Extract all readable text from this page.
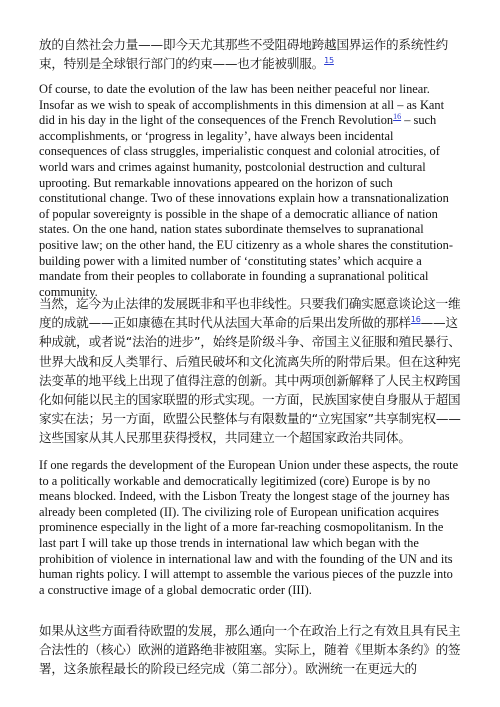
放的自然社会力量——即今天尤其那些不受阻碍地跨越国界运作的系统性约束，特别是全球银行部门的约束——也才能被驯服。$^{15}$

Of course, to date the evolution of the law has been neither peaceful nor linear. Insofar as we wish to speak of accomplishments in this dimension at all – as Kant did in his day in the light of the consequences of the French Revolution$^{16}$ – such accomplishments, or ‘progress in legality’, have always been incidental consequences of class struggles, imperialistic conquest and colonial atrocities, of world wars and crimes against humanity, postcolonial destruction and cultural uprooting. But remarkable innovations appeared on the horizon of such constitutional change. Two of these innovations explain how a transnationalization of popular sovereignty is possible in the shape of a democratic alliance of nation states. On the one hand, nation states subordinate themselves to supranational positive law; on the other hand, the EU citizenry as a whole shares the constitution-building power with a limited number of ‘constituting states’ which acquire a mandate from their peoples to collaborate in founding a supranational political community.

当然，迄今为止法律的发展既非和平也非线性。只要我们确实愿意谈论这一维度的成就——正如康德在其时代从法国大革命的后果出发所做的那样$^{16}$——这种成就，或者说“法治的进步”，始终是阶级斗争、帝国主义征服和殖民暴行、世界大战和反人类罪行、后殖民破坏和文化流离失所的附带后果。但在这种宪法变革的地平线上出现了值得注意的创新。其中两项创新解释了人民主权跨国化如何能以民主的国家联盟的形式实现。一方面，民族国家使自身服从于超国家实在法；另一方面，欧盟公民整体与有限数量的“立宪国家”共享制宪权——这些国家从其人民那里获得授权，共同建立一个超国家政治共同体。

If one regards the development of the European Union under these aspects, the route to a politically workable and democratically legitimized (core) Europe is by no means blocked. Indeed, with the Lisbon Treaty the longest stage of the journey has already been completed (II). The civilizing role of European unification acquires prominence especially in the light of a more far-reaching cosmopolitanism. In the last part I will take up those trends in international law which began with the prohibition of violence in international law and with the founding of the UN and its human rights policy. I will attempt to assemble the various pieces of the puzzle into a constructive image of a global democratic order (III).

如果从这些方面看待欧盟的发展，那么通向一个在政治上行之有效且具有民主合法性的（核心）欧洲的道路绝非被阻塞。实际上，随着《里斯本条约》的签署，这条旅程最长的阶段已经完成（第二部分）。欧洲统一在更远大的
